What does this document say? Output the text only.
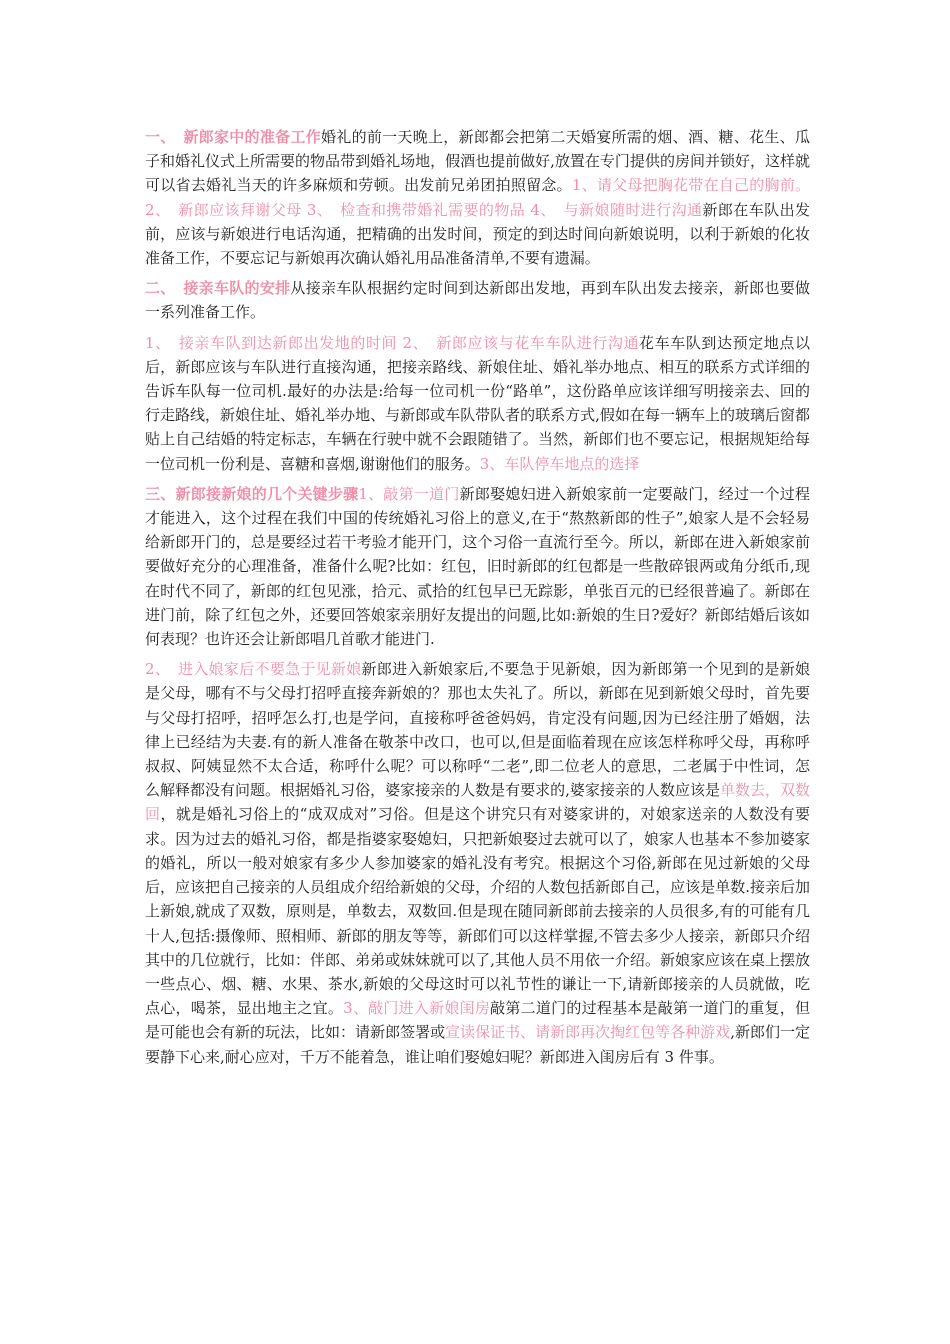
一、　新郎家中的准备工作婚礼的前一天晚上，新郎都会把第二天婚宴所需的烟、酒、糖、花生、瓜子和婚礼仪式上所需要的物品带到婚礼场地，假酒也提前做好,放置在专门提供的房间并锁好，这样就可以省去婚礼当天的许多麻烦和劳顿。出发前兄弟团拍照留念。1、请父母把胸花带在自己的胸前。2、　新郎应该拜谢父母 3、　检查和携带婚礼需要的物品 4、　与新娘随时进行沟通新郎在车队出发前，应该与新娘进行电话沟通，把精确的出发时间，预定的到达时间向新娘说明，以利于新娘的化妆准备工作，不要忘记与新娘再次确认婚礼用品准备清单,不要有遗漏。

二、　接亲车队的安排从接亲车队根据约定时间到达新郎出发地，再到车队出发去接亲，新郎也要做一系列准备工作。

1、　接亲车队到达新郎出发地的时间 2、　新郎应该与花车车队进行沟通花车车队到达预定地点以后，新郎应该与车队进行直接沟通，把接亲路线、新娘住址、婚礼举办地点、相互的联系方式详细的告诉车队每一位司机.最好的办法是:给每一位司机一份“路单”，这份路单应该详细写明接亲去、回的行走路线，新娘住址、婚礼举办地、与新郎或车队带队者的联系方式,假如在每一辆车上的玻璃后窗都贴上自己结婚的特定标志，车辆在行驶中就不会跟随错了。当然，新郎们也不要忘记，根据规矩给每一位司机一份利是、喜糖和喜烟,谢谢他们的服务。3、车队停车地点的选择

三、新郎接新娘的几个关键步骤1、敲第一道门新郎娶媳妇进入新娘家前一定要敲门，经过一个过程才能进入，这个过程在我们中国的传统婚礼习俗上的意义,在于“熬熬新郎的性子”,娘家人是不会轻易给新郎开门的，总是要经过若干考验才能开门，这个习俗一直流行至今。所以，新郎在进入新娘家前要做好充分的心理准备，准备什么呢?比如：红包，旧时新郎的红包都是一些散碎银两或角分纸币,现在时代不同了，新郎的红包见涨，拾元、贰拾的红包早已无踪影，单张百元的已经很普遍了。新郎在进门前，除了红包之外，还要回答娘家亲朋好友提出的问题,比如:新娘的生日?爱好？新郎结婚后该如何表现？也许还会让新郎唱几首歌才能进门.

2、　进入娘家后不要急于见新娘新郎进入新娘家后,不要急于见新娘，因为新郎第一个见到的是新娘是父母，哪有不与父母打招呼直接奔新娘的？那也太失礼了。所以，新郎在见到新娘父母时，首先要与父母打招呼，招呼怎么打,也是学问，直接称呼爸爸妈妈，肯定没有问题,因为已经注册了婚姻，法律上已经结为夫妻.有的新人准备在敬茶中改口，也可以,但是面临着现在应该怎样称呼父母，再称呼叔叔、阿姨显然不太合适，称呼什么呢？可以称呼“二老”,即二位老人的意思，二老属于中性词，怎么解释都没有问题。根据婚礼习俗，婆家接亲的人数是有要求的,婆家接亲的人数应该是单数去，双数回，就是婚礼习俗上的“成双成对”习俗。但是这个讲究只有对婆家讲的，对娘家送亲的人数没有要求。因为过去的婚礼习俗，都是指婆家娶媳妇，只把新娘娶过去就可以了，娘家人也基本不参加婆家的婚礼，所以一般对娘家有多少人参加婆家的婚礼没有考究。根据这个习俗,新郎在见过新娘的父母后，应该把自己接亲的人员组成介绍给新娘的父母，介绍的人数包括新郎自己，应该是单数.接亲后加上新娘,就成了双数，原则是，单数去，双数回.但是现在随同新郎前去接亲的人员很多,有的可能有几十人,包括:摄像师、照相师、新郎的朋友等等，新郎们可以这样掌握,不管去多少人接亲，新郎只介绍其中的几位就行，比如：伴郎、弟弟或妹妹就可以了,其他人员不用依一介绍。新娘家应该在桌上摆放一些点心、烟、糖、水果、茶水,新娘的父母这时可以礼节性的谦让一下,请新郎接亲的人员就做，吃点心，喝茶，显出地主之宜。3、敲门进入新娘闺房敲第二道门的过程基本是敲第一道门的重复，但是可能也会有新的玩法，比如：请新郎签署或宣读保证书、请新郎再次掏红包等各种游戏,新郎们一定要静下心来,耐心应对，千万不能着急，谁让咱们娶媳妇呢？新郎进入闺房后有 3 件事。
